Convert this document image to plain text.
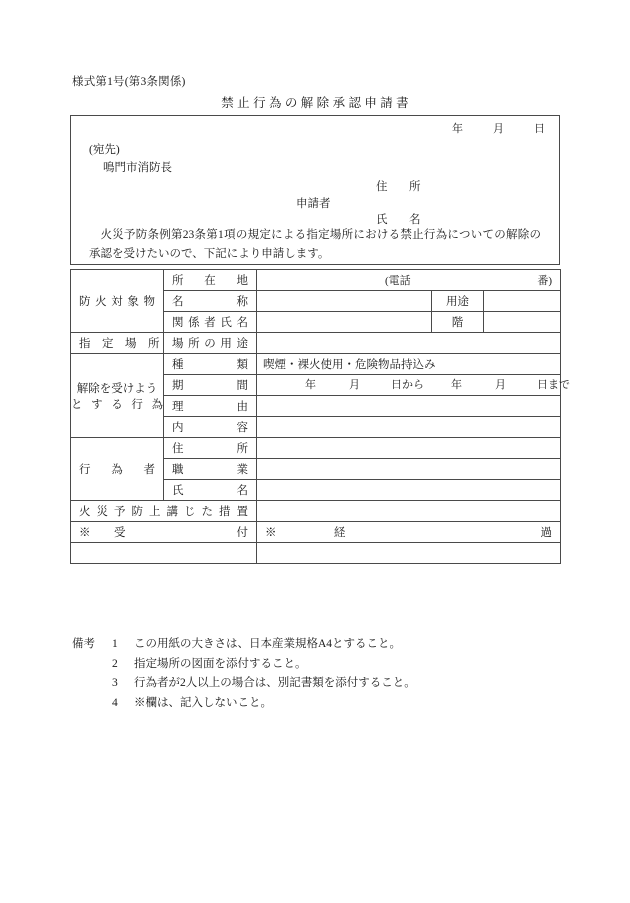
様式第1号(第3条関係)
禁止行為の解除承認申請書
年	月	日
(宛先)
鳴門市消防長
申請者
住　所
氏　名
火災予防条例第23条第1項の規定による指定場所における禁止行為についての解除の承認を受けたいので、下記により申請します。
防火対象物	所　在　地	(電話 番)		

	名　　　称		用途	
	関係者氏名		階	
指　定　場　所	場所の用途			

解除を受けよう
とする行為	種　　　類	喫煙・裸火使用・危険物品持込み		
期　　　間	年	月	日から 年	月	日まで

	理　　　由			
	内　　　容			
行　為　者	住　　　所			
	職　　　業			
	氏　　　名			
火災予防上講じた措置				
※　受　　　　　　付		※　経　　　　　過		

備考	1	この用紙の大きさは、日本産業規格A4とすること。
2	指定場所の図面を添付すること。
3	行為者が2人以上の場合は、別記書類を添付すること。
4	※欄は、記入しないこと。
